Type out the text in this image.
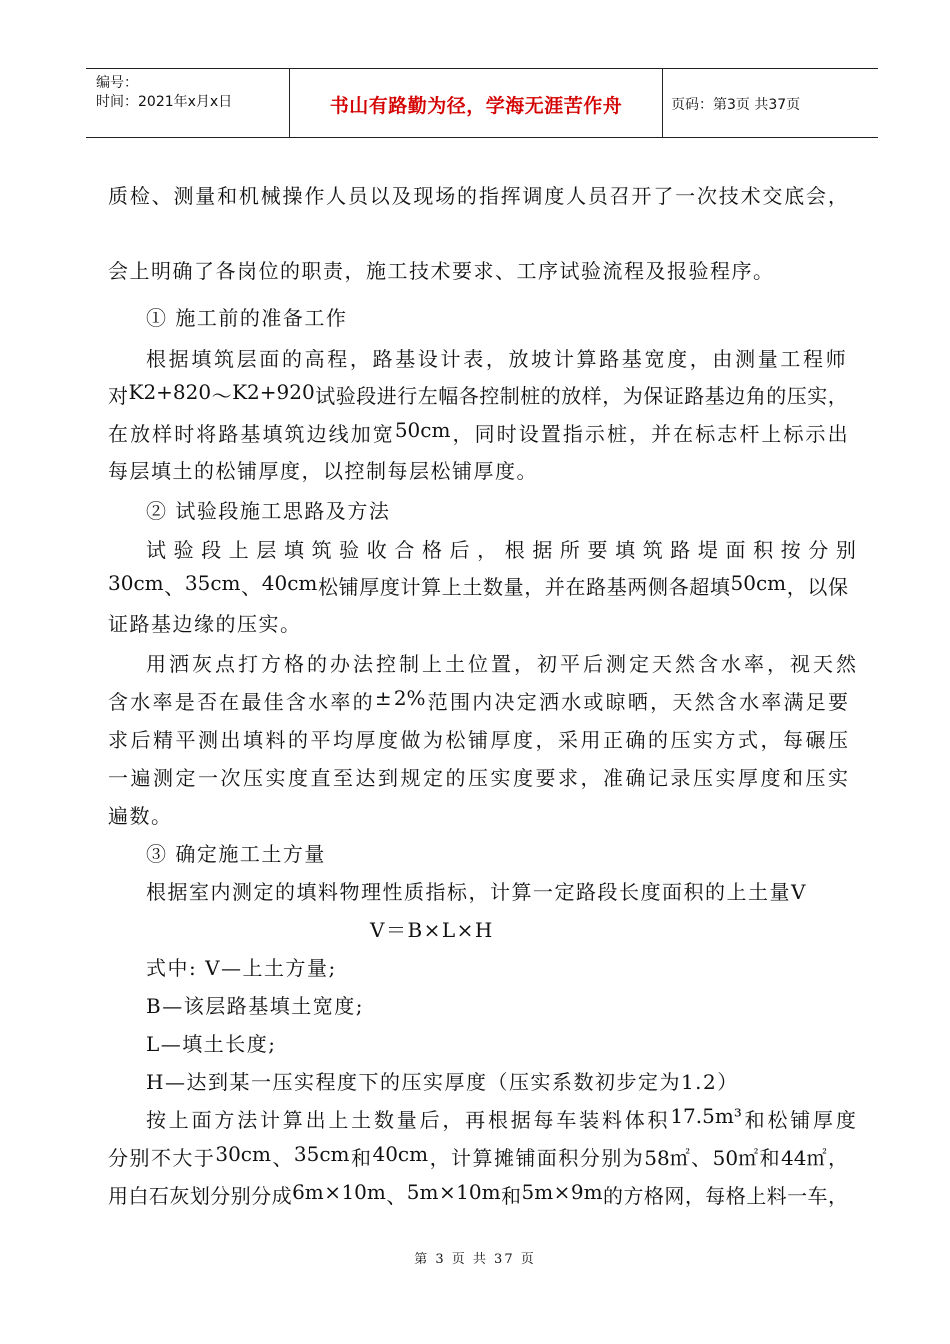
编号：
时间：2021年x月x日	书山有路勤为径，学海无涯苦作舟	页码：第3页 共37页
质 检 、 测 量 和 机 械 操 作 人 员 以 及 现 场 的 指 挥 调 度 人 员 召 开 了 一 次 技 术 交 底 会 ，
会上明确了各岗位的职责，施工技术要求、工序试验流程及报验程序。
① 施工前的准备工作
根 据 填 筑 层 面 的 高 程 ， 路 基 设 计 表 ， 放 坡 计 算 路 基 宽 度 ， 由 测 量 工 程 师
对 K2+820 ～ K2+920 试 验 段 进 行 左 幅 各 控 制 桩 的 放 样 ， 为 保 证 路 基 边 角 的 压 实 ，
在 放 样 时 将 路 基 填 筑 边 线 加 宽 50cm ， 同 时 设 置 指 示 桩 ， 并 在 标 志 杆 上 标 示 出
每层填土的松铺厚度，以控制每层松铺厚度。
② 试验段施工思路及方法
试 验 段 上 层 填 筑 验 收 合 格 后 ， 根 据 所 要 填 筑 路 堤 面 积 按 分 别
30cm 、 35cm 、 40cm 松 铺 厚 度 计 算 上 土 数 量 ， 并 在 路 基 两 侧 各 超 填 50cm ， 以 保
证路基边缘的压实。
用 洒 灰 点 打 方 格 的 办 法 控 制 上 土 位 置 ， 初 平 后 测 定 天 然 含 水 率 ， 视 天 然
含 水 率 是 否 在 最 佳 含 水 率 的 ± 2% 范 围 内 决 定 洒 水 或 晾 晒 ， 天 然 含 水 率 满 足 要
求 后 精 平 测 出 填 料 的 平 均 厚 度 做 为 松 铺 厚 度 ， 采 用 正 确 的 压 实 方 式 ， 每 碾 压
一 遍 测 定 一 次 压 实 度 直 至 达 到 规 定 的 压 实 度 要 求 ， 准 确 记 录 压 实 厚 度 和 压 实
遍数。
③ 确定施工土方量
根据室内测定的填料物理性质指标，计算一定路段长度面积的上土量V
V＝B×L×H
式中: V—上土方量;
B—该层路基填土宽度;
L—填土长度;
H—达到某一压实程度下的压实厚度（压实系数初步定为1.2）
按 上 面 方 法 计 算 出 上 土 数 量 后 ， 再 根 据 每 车 装 料 体 积 17.5m³ 和 松 铺 厚 度
分 别 不 大 于 30cm 、 35cm 和 40cm ， 计 算 摊 铺 面 积 分 别 为 58㎡ 、 50㎡ 和 44㎡ ，
用 白 石 灰 划 分 别 分 成 6m × 10m 、 5m × 10m 和 5m × 9m 的 方 格 网 ， 每 格 上 料 一 车 ，
第 3 页 共 37 页
